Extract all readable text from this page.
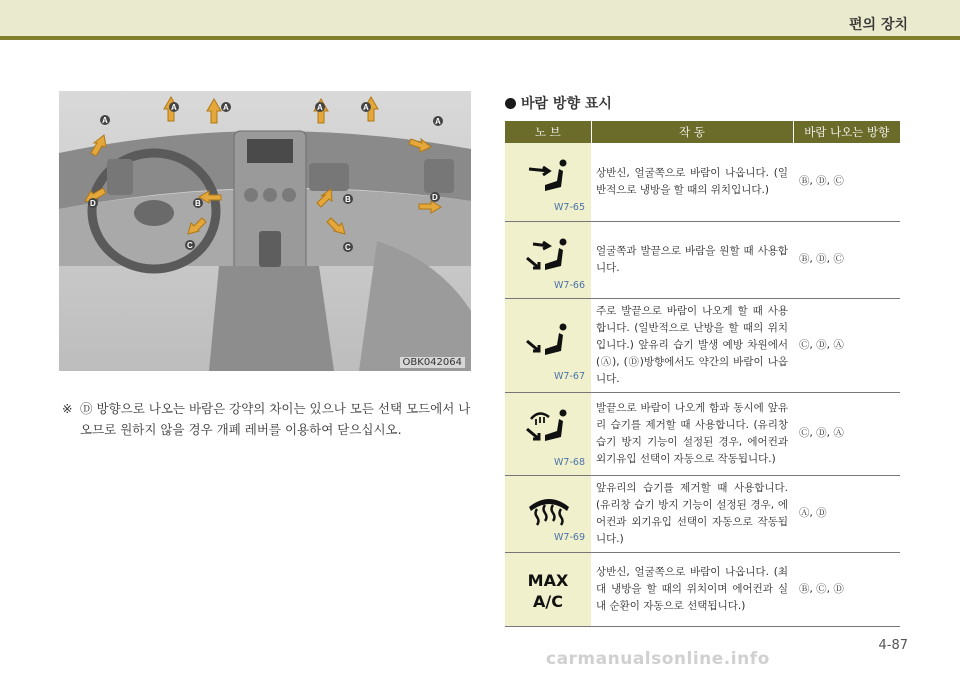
편의 장치
A	A	A	A
A	A
B	B
C	C
D
D
OBK042064
※ Ⓓ 방향으로 나오는 바람은 강약의 차이는 있으나 모든 선택 모드에서 나오므로 원하지 않을 경우 개폐 레버를 이용하여 닫으십시오.
바람 방향 표시
노 브	작 동	바람 나오는 방향

W7-65	상반신, 얼굴쪽으로 바람이 나옵니다. (일반적으로 냉방을 할 때의 위치입니다.)	Ⓑ, Ⓓ, Ⓒ

W7-66	얼굴쪽과 발끝으로 바람을 원할 때 사용합니다.	Ⓑ, Ⓓ, Ⓒ

W7-67	주로 발끝으로 바람이 나오게 할 때 사용합니다. (일반적으로 난방을 할 때의 위치입니다.) 앞유리 습기 발생 예방 차원에서 (Ⓐ), (Ⓓ)방향에서도 약간의 바람이 나옵니다.	Ⓒ, Ⓓ, Ⓐ

W7-68	발끝으로 바람이 나오게 함과 동시에 앞유리 습기를 제거할 때 사용합니다. (유리창 습기 방지 기능이 설정된 경우, 에어컨과 외기유입 선택이 자동으로 작동됩니다.)	Ⓒ, Ⓓ, Ⓐ

W7-69	앞유리의 습기를 제거할 때 사용합니다. (유리창 습기 방지 기능이 설정된 경우, 에어컨과 외기유입 선택이 자동으로 작동됩니다.)	Ⓐ, Ⓓ

MAX
A/C	상반신, 얼굴쪽으로 바람이 나옵니다. (최대 냉방을 할 때의 위치이며 에어컨과 실내 순환이 자동으로 선택됩니다.)	Ⓑ, Ⓒ, Ⓓ
4-87
carmanualsonline.info
